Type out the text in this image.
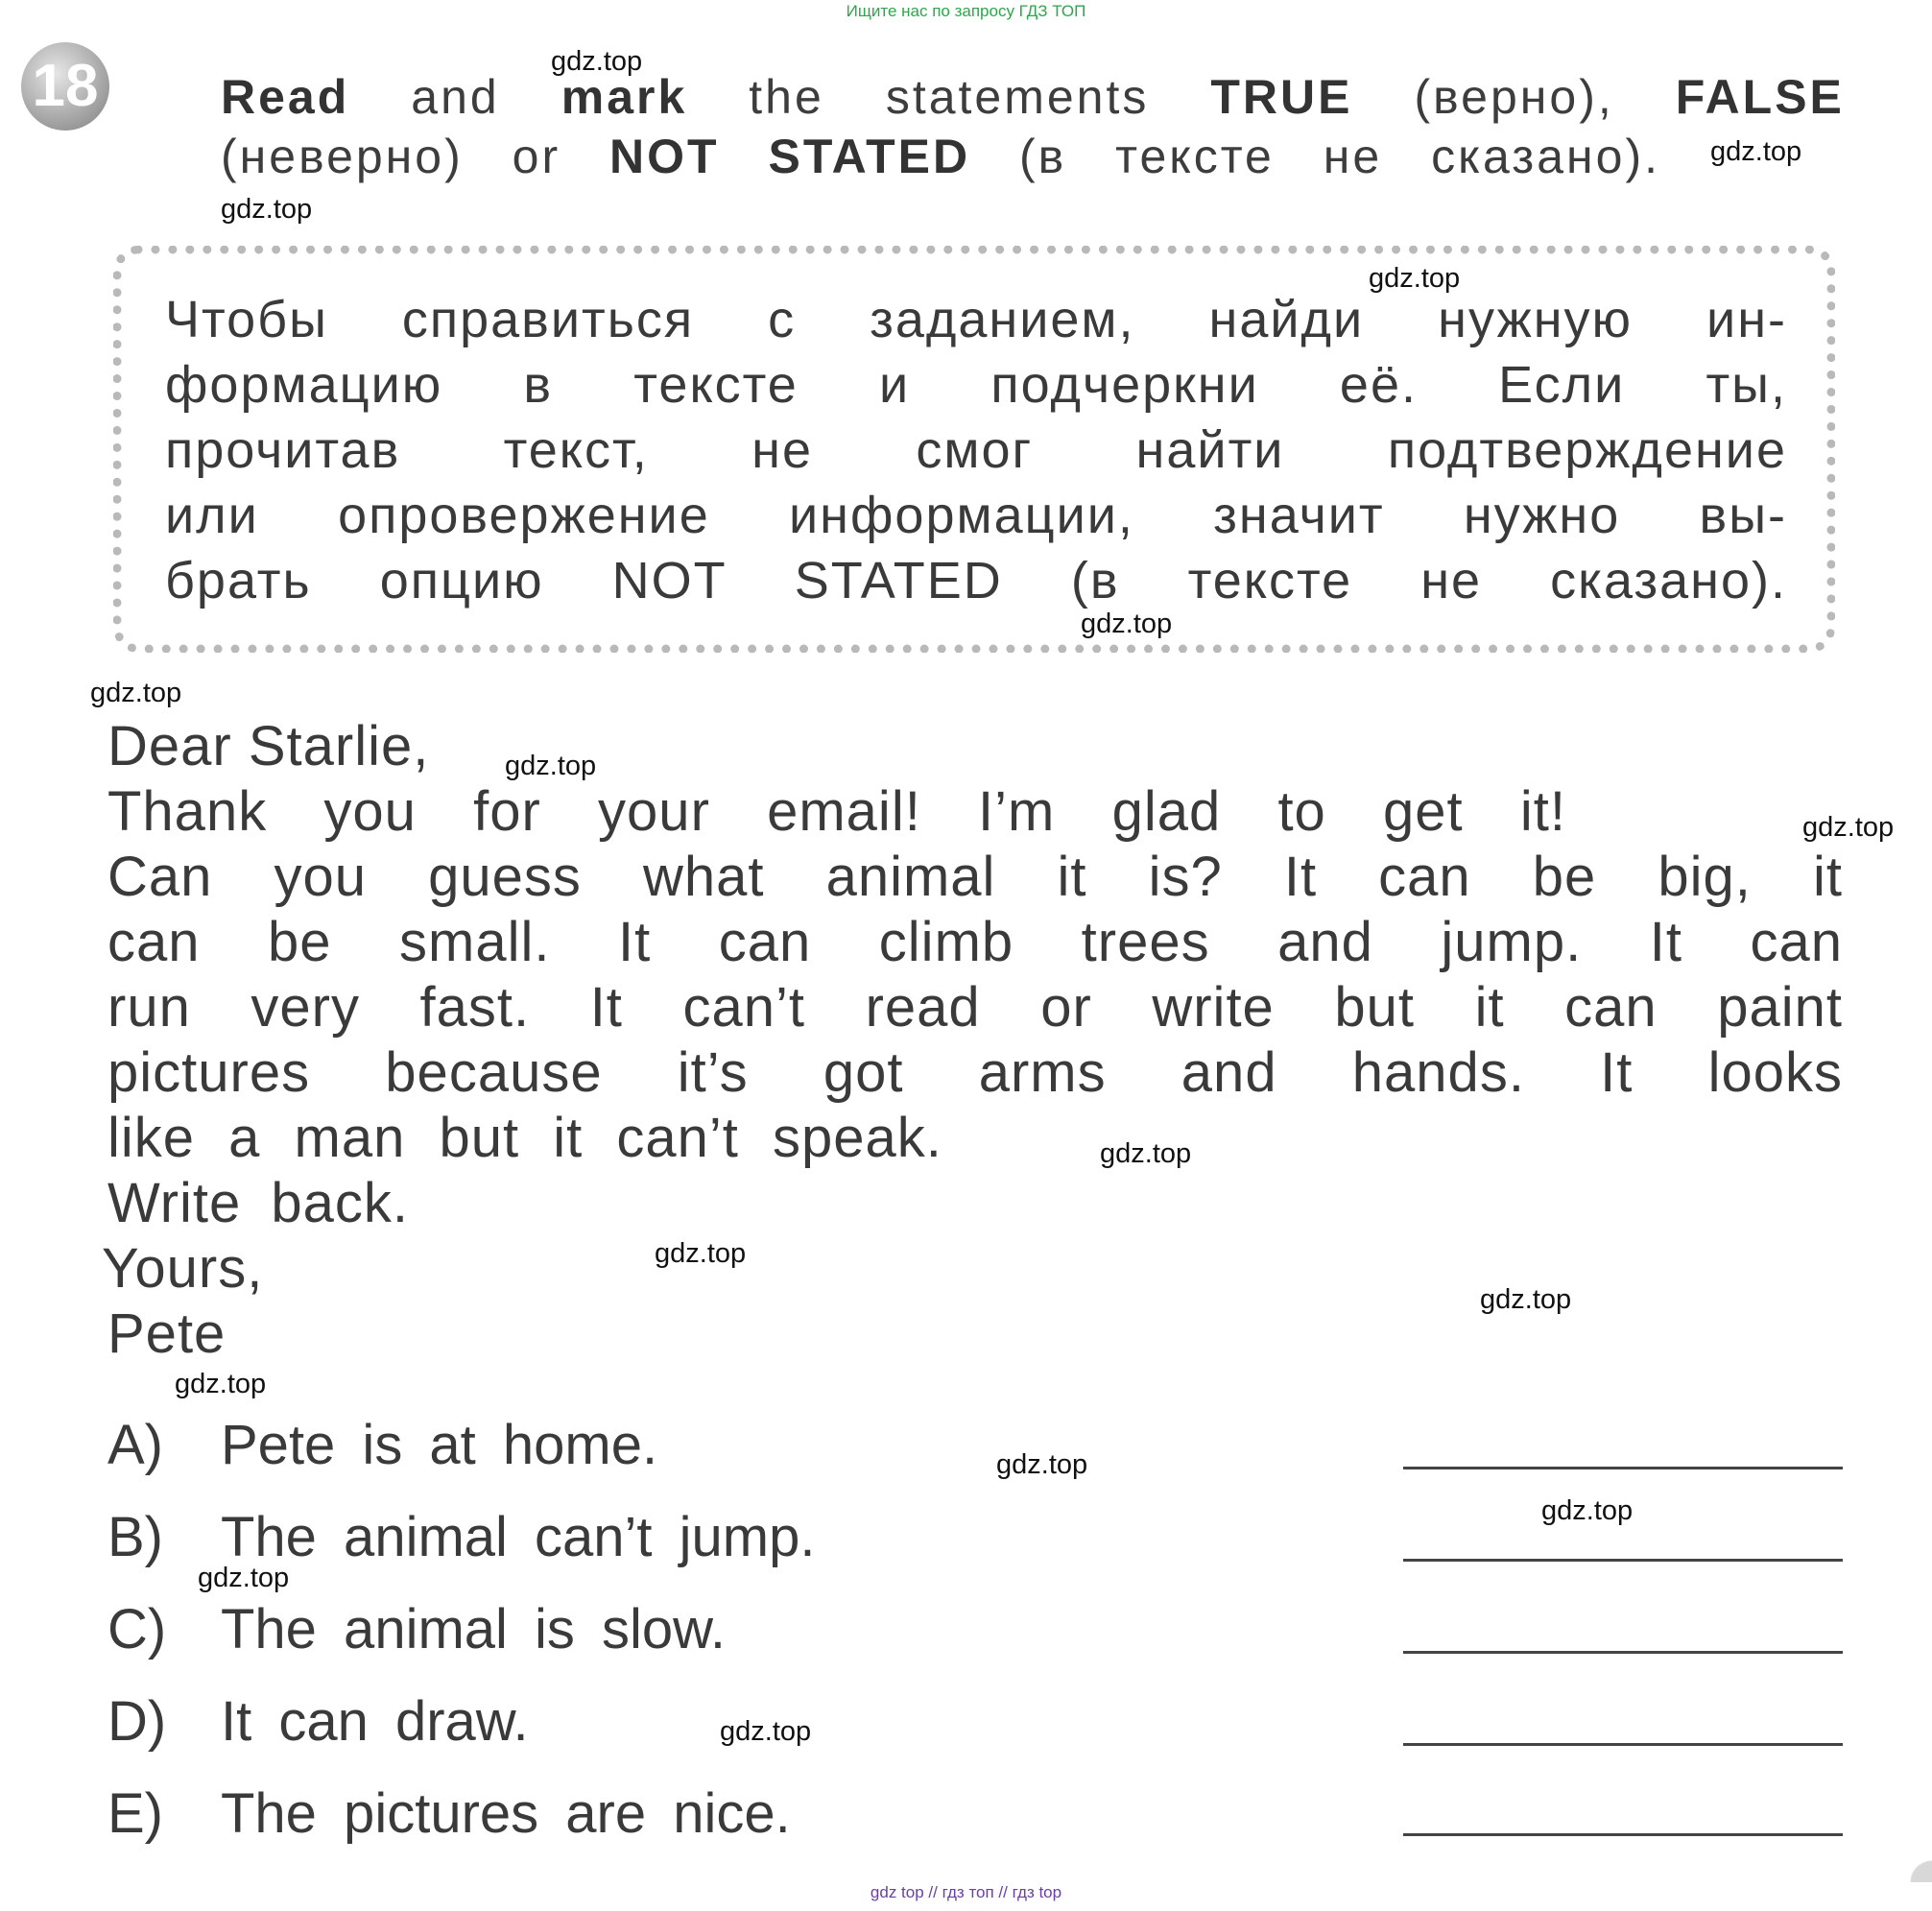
Ищите нас по запросу ГДЗ ТОП
18	Read and mark the statements TRUE (верно), FALSE
(неверно) or NOT STATED (в тексте не сказано).
Чтобы справиться с заданием, найди нужную ин-
формацию в тексте и подчеркни её. Если ты,
прочитав текст, не смог найти подтверждение
или опровержение информации, значит нужно вы-
брать опцию NOT STATED (в тексте не сказано).
Dear Starlie,
Thank you for your email! I’m glad to get it!
Can you guess what animal it is? It can be big, it
can be small. It can climb trees and jump. It can
run very fast. It can’t read or write but it can paint
pictures because it’s got arms and hands. It looks
like a man but it can’t speak.
Write back.
Yours,
Pete
A) Pete is at home.
B) The animal can’t jump.
C) The animal is slow.
D) It can draw.
E) The pictures are nice.
gdz.top
gdz.top
gdz.top
gdz.top
gdz.top
gdz.top
gdz.top
gdz.top
gdz.top
gdz.top
gdz.top
gdz.top
gdz.top
gdz.top
gdz.top
gdz.top
gdz top // гдз топ // гдз top
